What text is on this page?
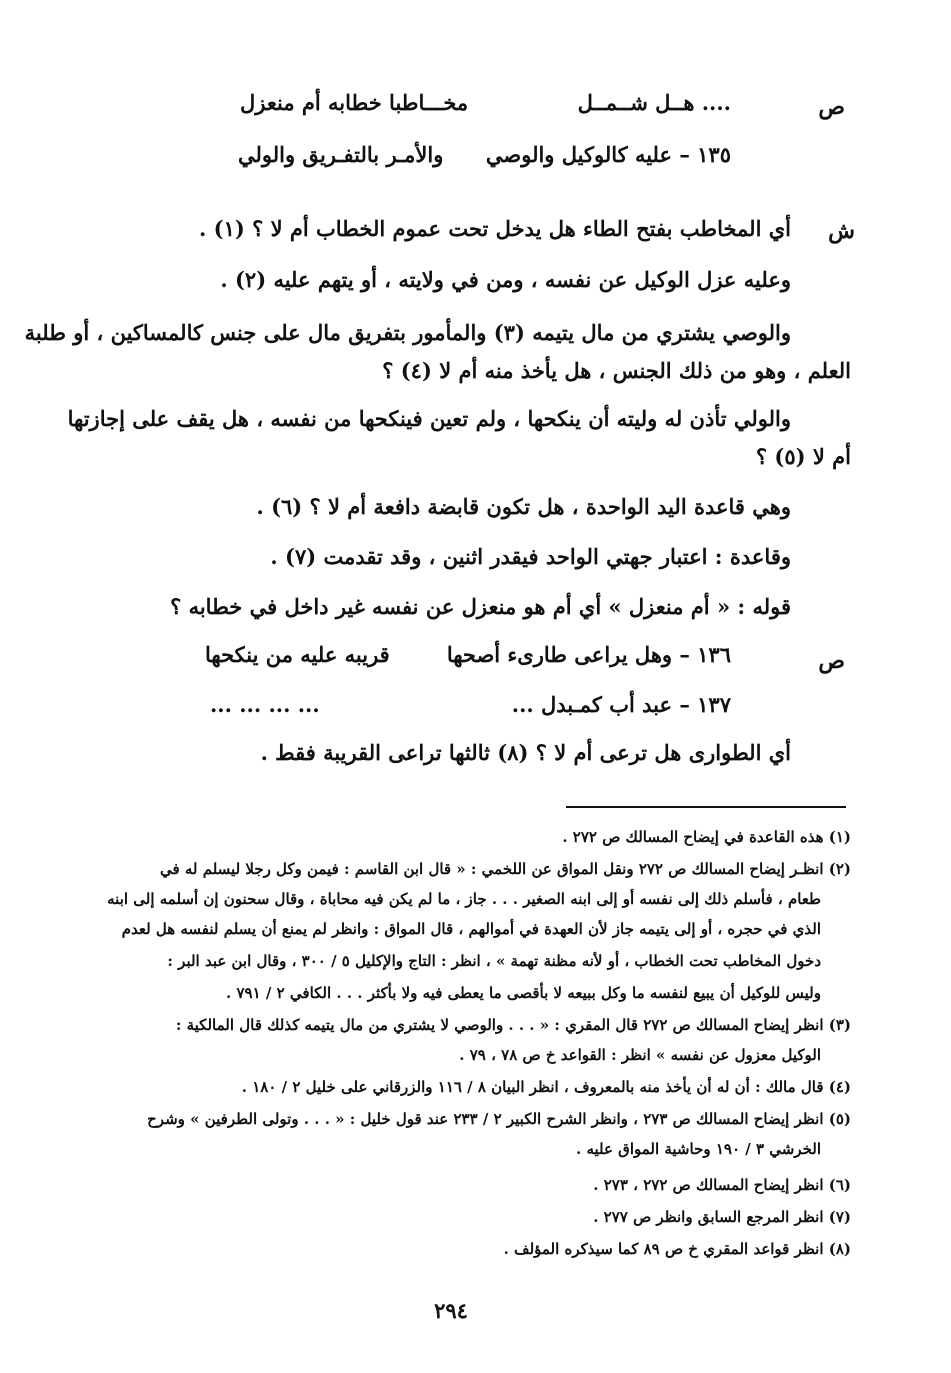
ص
.... هــل شــمــل
مخـــاطبا خطابه أم منعزل
١٣٥ – عليه كالوكيل والوصي
والأمـر بالتفـريق والولي
ش
أي المخاطب بفتح الطاء هل يدخل تحت عموم الخطاب أم لا ؟ (١) .
وعليه عزل الوكيل عن نفسه ، ومن في ولايته ، أو يتهم عليه (٢) .
والوصي يشتري من مال يتيمه (٣) والمأمور بتفريق مال على جنس كالمساكين ، أو طلبة
العلم ، وهو من ذلك الجنس ، هل يأخذ منه أم لا (٤) ؟
والولي تأذن له وليته أن ينكحها ، ولم تعين فينكحها من نفسه ، هل يقف على إجازتها
أم لا (٥) ؟
وهي قاعدة اليد الواحدة ، هل تكون قابضة دافعة أم لا ؟ (٦) .
وقاعدة : اعتبار جهتي الواحد فيقدر اثنين ، وقد تقدمت (٧) .
قوله : « أم منعزل » أي أم هو منعزل عن نفسه غير داخل في خطابه ؟
ص
١٣٦ – وهل يراعى طارىء أصحها
قريبه عليه من ينكحها
١٣٧ – عبد أب كمـبدل ...
... ... ... ...
أي الطوارى هل ترعى أم لا ؟ (٨) ثالثها تراعى القريبة فقط .
(١) هذه القاعدة في إيضاح المسالك ص ٢٧٢ .
(٢) انظـر إيضاح المسالك ص ٢٧٢ ونقل المواق عن اللخمي : « قال ابن القاسم : فيمن وكل رجلا ليسلم له في
طعام ، فأسلم ذلك إلى نفسه أو إلى ابنه الصغير . . . جاز ، ما لم يكن فيه محاباة ، وقال سحنون إن أسلمه إلى ابنه
الذي في حجره ، أو إلى يتيمه جاز لأن العهدة في أموالهم ، قال المواق : وانظر لم يمنع أن يسلم لنفسه هل لعدم
دخول المخاطب تحت الخطاب ، أو لأنه مظنة تهمة » ، انظر : التاج والإكليل ٥ / ٣٠٠ ، وقال ابن عبد البر :
وليس للوكيل أن يبيع لنفسه ما وكل ببيعه لا بأقصى ما يعطى فيه ولا بأكثر . . . الكافي ٢ / ٧٩١ .
(٣) انظر إيضاح المسالك ص ٢٧٢ قال المقري : « . . . والوصي لا يشتري من مال يتيمه كذلك قال المالكية :
الوكيل معزول عن نفسه » انظر : القواعد خ ص ٧٨ ، ٧٩ .
(٤) قال مالك : أن له أن يأخذ منه بالمعروف ، انظر البيان ٨ / ١١٦ والزرقاني على خليل ٢ / ١٨٠ .
(٥) انظر إيضاح المسالك ص ٢٧٣ ، وانظر الشرح الكبير ٢ / ٢٣٣ عند قول خليل : « . . . وتولى الطرفين » وشرح
الخرشي ٣ / ١٩٠ وحاشية المواق عليه .
(٦) انظر إيضاح المسالك ص ٢٧٢ ، ٢٧٣ .
(٧) انظر المرجع السابق وانظر ص ٢٧٧ .
(٨) انظر قواعد المقري خ ص ٨٩ كما سيذكره المؤلف .
٢٩٤
